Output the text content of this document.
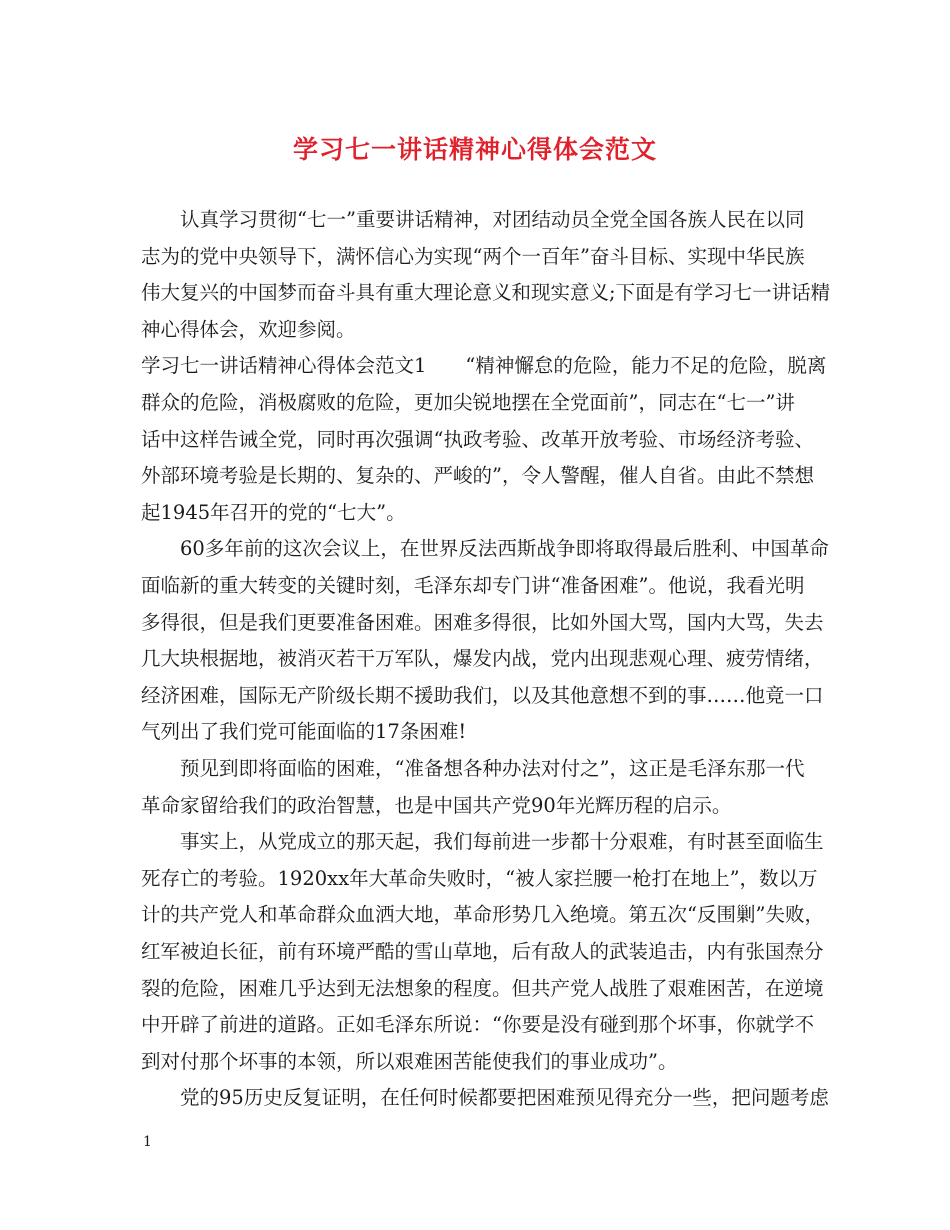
学习七一讲话精神心得体会范文
　　认真学习贯彻“七一”重要讲话精神，对团结动员全党全国各族人民在以同
志为的党中央领导下，满怀信心为实现“两个一百年”奋斗目标、实现中华民族
伟大复兴的中国梦而奋斗具有重大理论意义和现实意义;下面是有学习七一讲话精
神心得体会，欢迎参阅。
学习七一讲话精神心得体会范文1　　“精神懈怠的危险，能力不足的危险，脱离
群众的危险，消极腐败的危险，更加尖锐地摆在全党面前”，同志在“七一”讲
话中这样告诫全党，同时再次强调“执政考验、改革开放考验、市场经济考验、
外部环境考验是长期的、复杂的、严峻的”，令人警醒，催人自省。由此不禁想
起1945年召开的党的“七大”。
　　60多年前的这次会议上，在世界反法西斯战争即将取得最后胜利、中国革命
面临新的重大转变的关键时刻，毛泽东却专门讲“准备困难”。他说，我看光明
多得很，但是我们更要准备困难。困难多得很，比如外国大骂，国内大骂，失去
几大块根据地，被消灭若干万军队，爆发内战，党内出现悲观心理、疲劳情绪，
经济困难，国际无产阶级长期不援助我们，以及其他意想不到的事……他竟一口
气列出了我们党可能面临的17条困难!
　　预见到即将面临的困难，“准备想各种办法对付之”，这正是毛泽东那一代
革命家留给我们的政治智慧，也是中国共产党90年光辉历程的启示。
　　事实上，从党成立的那天起，我们每前进一步都十分艰难，有时甚至面临生
死存亡的考验。1920xx年大革命失败时，“被人家拦腰一枪打在地上”，数以万
计的共产党人和革命群众血洒大地，革命形势几入绝境。第五次“反围剿”失败，
红军被迫长征，前有环境严酷的雪山草地，后有敌人的武装追击，内有张国焘分
裂的危险，困难几乎达到无法想象的程度。但共产党人战胜了艰难困苦，在逆境
中开辟了前进的道路。正如毛泽东所说：“你要是没有碰到那个坏事，你就学不
到对付那个坏事的本领，所以艰难困苦能使我们的事业成功”。
　　党的95历史反复证明，在任何时候都要把困难预见得充分一些，把问题考虑
1
